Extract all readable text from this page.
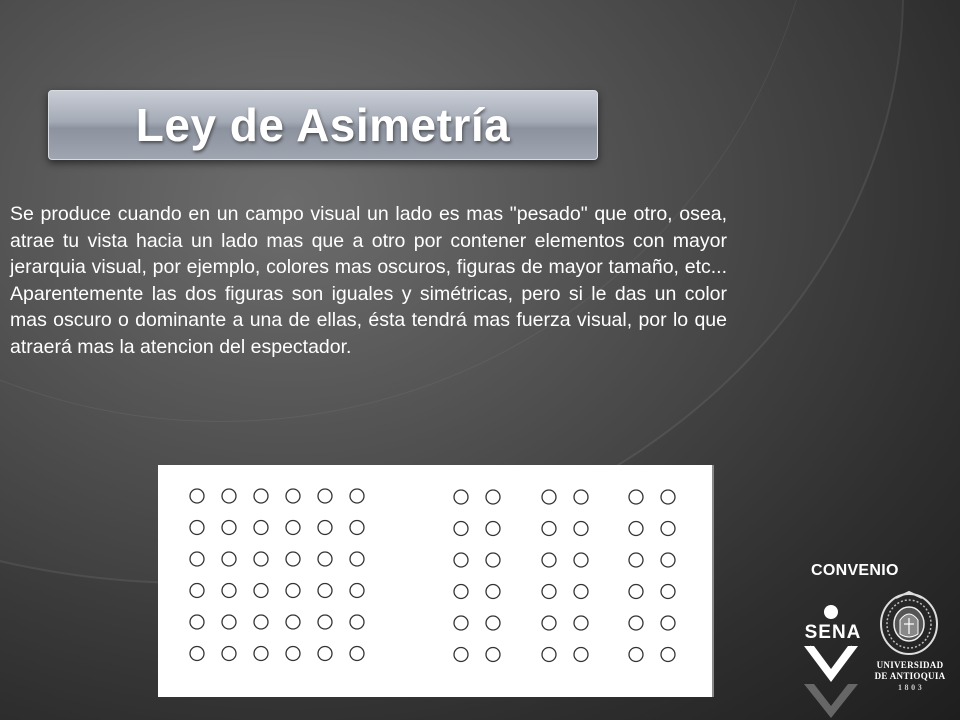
Ley de Asimetría

Se produce cuando en un campo visual un lado es mas "pesado" que otro, osea, atrae tu vista hacia un lado mas que a otro por contener elementos con mayor jerarquia visual, por ejemplo, colores mas oscuros, figuras de mayor tamaño, etc... Aparentemente las dos figuras son iguales y simétricas, pero si le das un color mas oscuro o dominante a una de ellas, ésta tendrá mas fuerza visual, por lo que atraerá mas la atencion del espectador.

CONVENIO
SENA
UNIVERSIDAD
DE ANTIOQUIA
1 8 0 3
